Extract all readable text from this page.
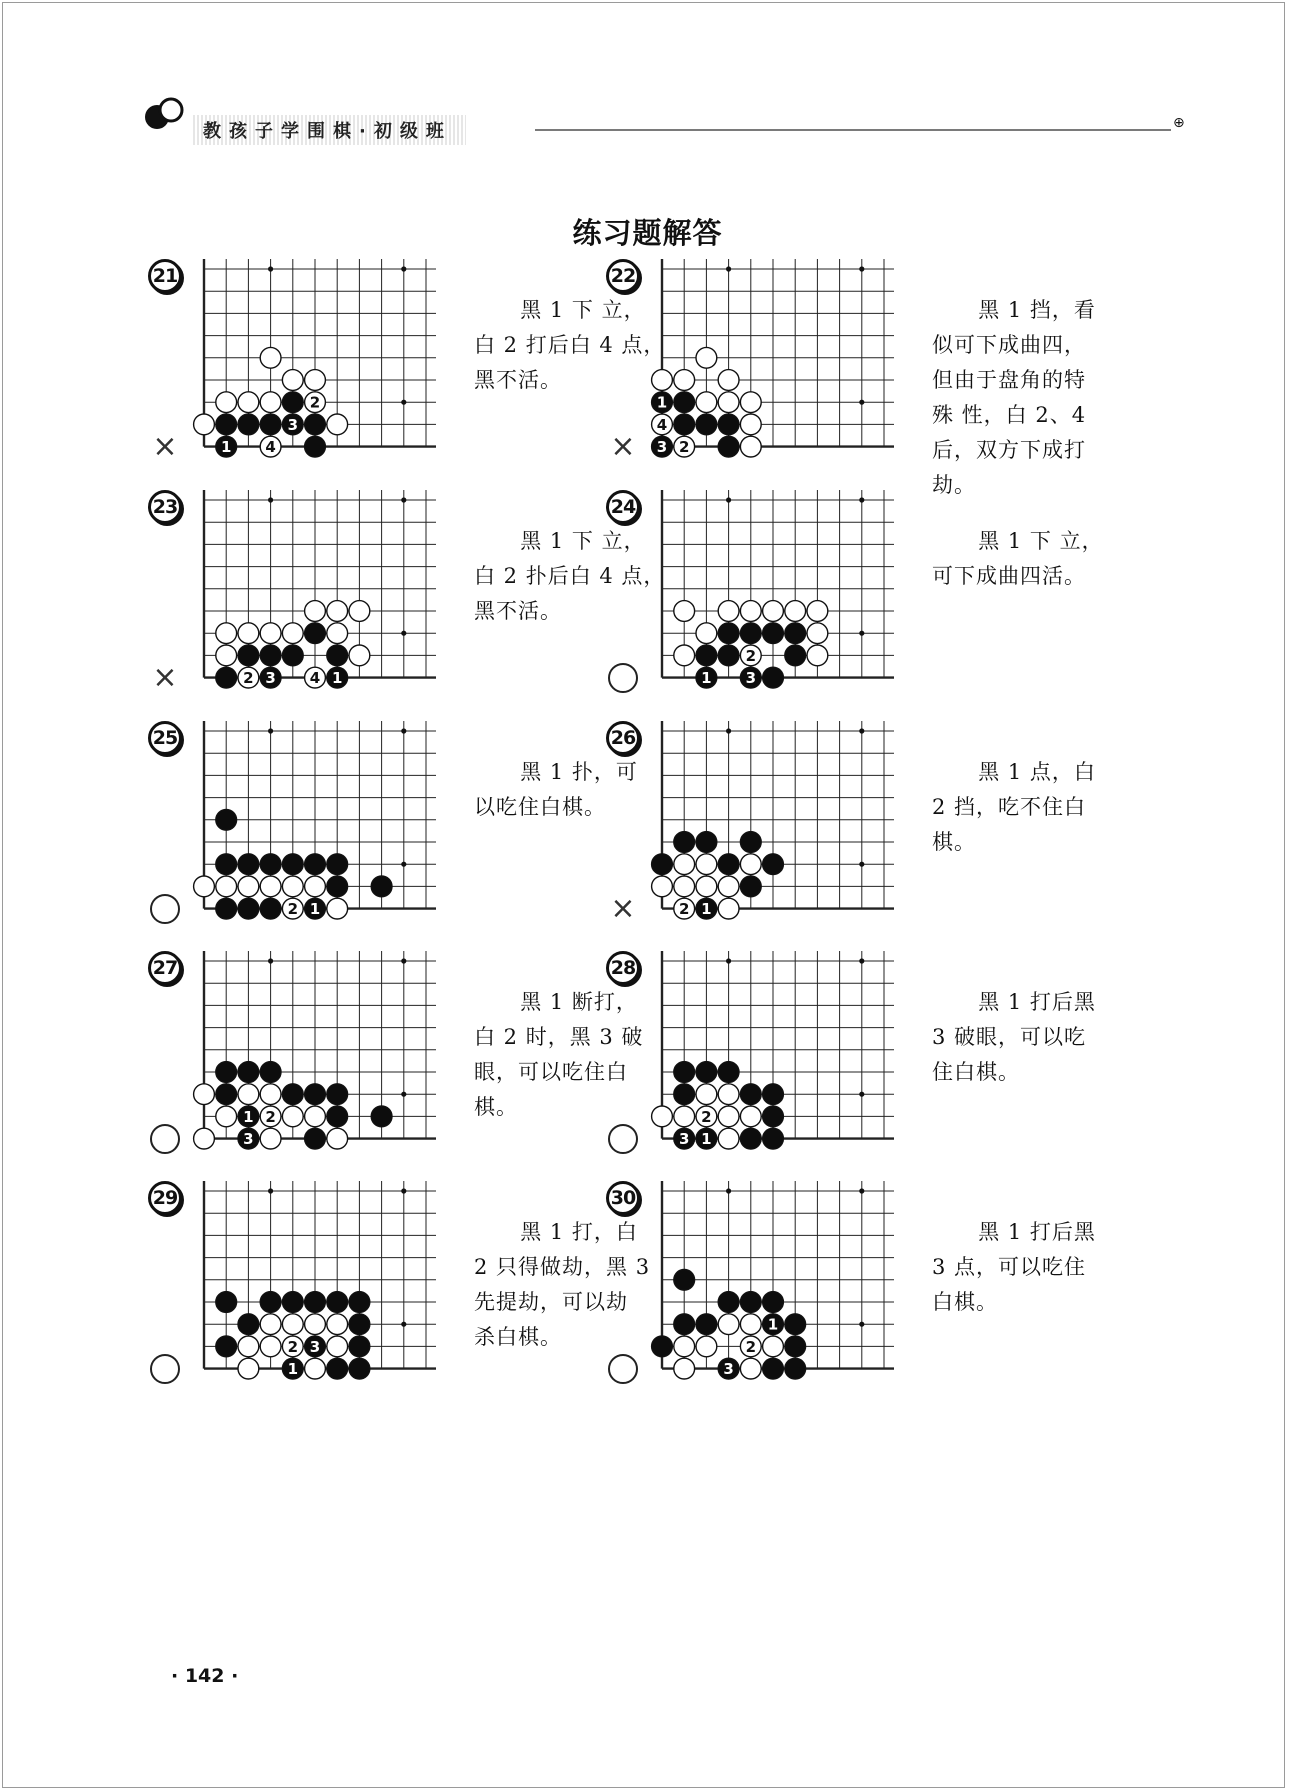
教孩子学围棋·初级班	⊕
练习题解答
21
×
2
3
1 4
黑 1 下 立，
白 2 打后白 4 点，
黑不活。
22
×
1
4
3 2
黑 1 挡，看
似可下成曲四，
但由于盘角的特
殊 性，白 2、4
后，双方下成打
劫。
23
×	2 3 4 1
黑 1 下 立，
白 2 扑后白 4 点，
黑不活。
24
2
1 3
黑 1 下 立，
可下成曲四活。
25
2 1
黑 1 扑，可
以吃住白棋。
26
×	2 1
黑 1 点，白
2 挡，吃不住白
棋。
27
1 2
3
黑 1 断打，
白 2 时，黑 3 破
眼，可以吃住白
棋。
28
2
3 1
黑 1 打后黑
3 破眼，可以吃
住白棋。
29
2 3
1
黑 1 打，白
2 只得做劫，黑 3
先提劫，可以劫
杀白棋。
30
1
2
3
黑 1 打后黑
3 点，可以吃住
白棋。
· 142 ·
